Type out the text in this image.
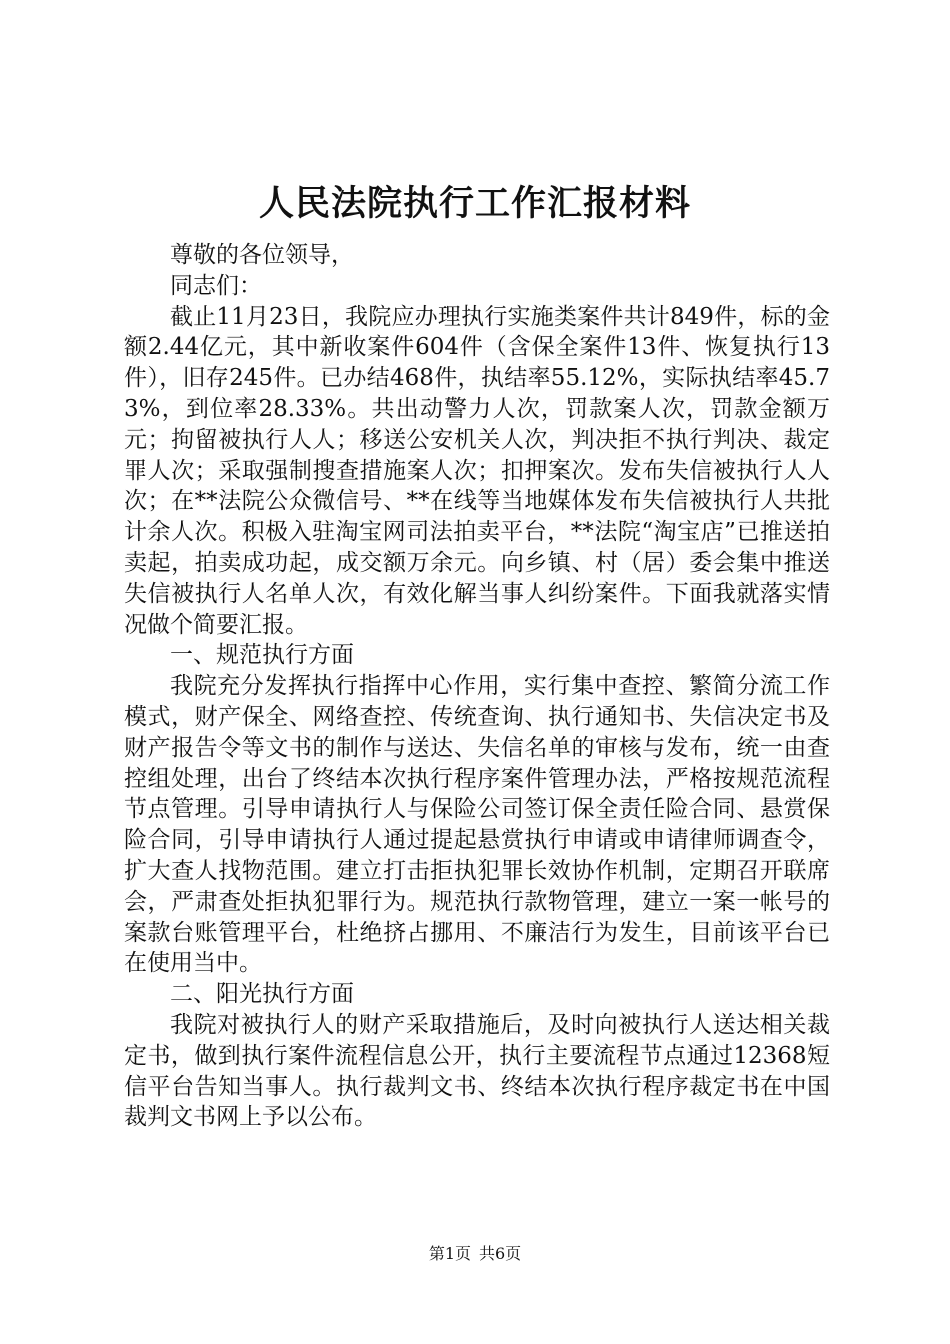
人民法院执行工作汇报材料

尊敬的各位领导，

同志们：

截止11月23日，我院应办理执行实施类案件共计849件，标的金额2.44亿元，其中新收案件604件（含保全案件13件、恢复执行13件），旧存245件。已办结468件，执结率55.12%，实际执结率45.73%，到位率28.33%。共出动警力人次，罚款案人次，罚款金额万元；拘留被执行人人；移送公安机关人次，判决拒不执行判决、裁定罪人次；采取强制搜查措施案人次；扣押案次。发布失信被执行人人次；在**法院公众微信号、**在线等当地媒体发布失信被执行人共批计余人次。积极入驻淘宝网司法拍卖平台，**法院“淘宝店”已推送拍卖起，拍卖成功起，成交额万余元。向乡镇、村（居）委会集中推送失信被执行人名单人次，有效化解当事人纠纷案件。下面我就落实情况做个简要汇报。

一、规范执行方面

我院充分发挥执行指挥中心作用，实行集中查控、繁简分流工作模式，财产保全、网络查控、传统查询、执行通知书、失信决定书及财产报告令等文书的制作与送达、失信名单的审核与发布，统一由查控组处理，出台了终结本次执行程序案件管理办法，严格按规范流程节点管理。引导申请执行人与保险公司签订保全责任险合同、悬赏保险合同，引导申请执行人通过提起悬赏执行申请或申请律师调查令，扩大查人找物范围。建立打击拒执犯罪长效协作机制，定期召开联席会，严肃查处拒执犯罪行为。规范执行款物管理，建立一案一帐号的案款台账管理平台，杜绝挤占挪用、不廉洁行为发生，目前该平台已在使用当中。

二、阳光执行方面

我院对被执行人的财产采取措施后，及时向被执行人送达相关裁定书，做到执行案件流程信息公开，执行主要流程节点通过12368短信平台告知当事人。执行裁判文书、终结本次执行程序裁定书在中国裁判文书网上予以公布。

第1页 共6页
